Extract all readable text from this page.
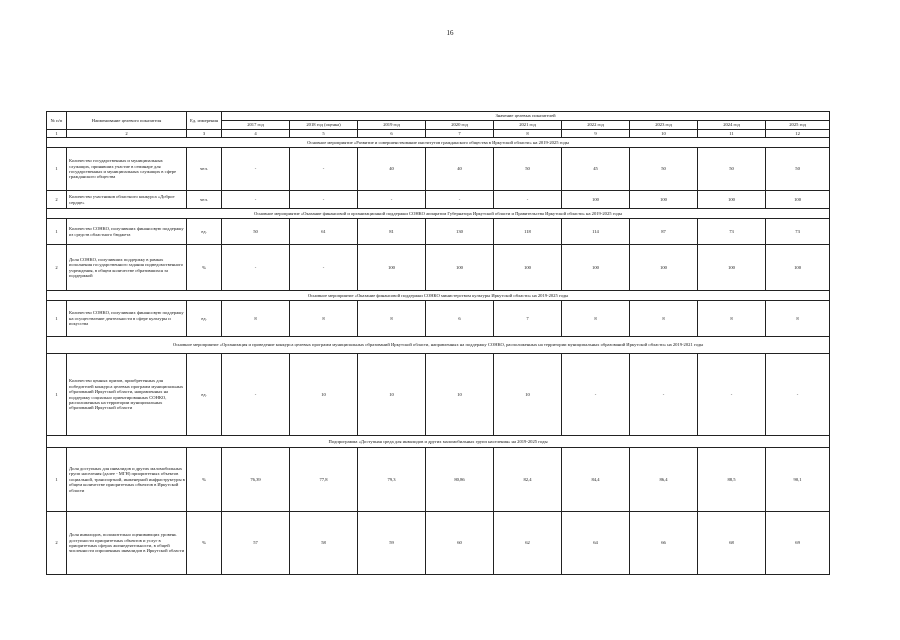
16
№ п/п	Наименование целевого показателя	Ед. измерения	Значение целевых показателей								
			2017 год	2018 год (оценка)	2019 год	2020 год	2021 год	2022 год	2023 год	2024 год	2025 год
1	2	3	4	5	6	7	8	9	10	11	12
Основное мероприятие «Развитие и совершенствование институтов гражданского общества в Иркутской области» на 2019-2025 годы											
1	Количество государственных и муниципальных служащих, принявших участие в семинаре для государственных и муниципальных служащих в сфере гражданского общества	чел.	-	-	40	40	50	45	50	50	50
2	Количество участников областного конкурса «Доброе сердце»	чел.	-	-	-	-	-	100	100	100	100
Основное мероприятие «Оказание финансовой и организационной поддержки СОНКО аппаратом Губернатора Иркутской области и Правительства Иркутской области» на 2019-2025 годы											
1	Количество СОНКО, получивших финансовую поддержку из средств областного бюджета	ед.	50	61	81	130	118	114	87	73	73
2	Доля СОНКО, получивших поддержку в рамках исполнения государственного задания подведомственного учреждения, в общем количестве обратившихся за поддержкой	%	-	-	100	100	100	100	100	100	100
Основное мероприятие «Оказание финансовой поддержки СОНКО министерством культуры Иркутской области» на 2019-2025 годы											
1	Количество СОНКО, получивших финансовую поддержку на осуществление деятельности в сфере культуры и искусства	ед.	8	8	8	6	7	8	8	8	8
Основное мероприятие «Организация и проведение конкурса целевых программ муниципальных образований Иркутской области, направленных на поддержку СОНКО, расположенных на территории муниципальных образований Иркутской области» на 2019-2021 годы											
1	Количество ценных призов, приобретенных для победителей конкурса целевых программ муниципальных образований Иркутской области, направленных на поддержку социально ориентированных СОНКО, расположенных на территории муниципальных образований Иркутской области	ед.	-	10	10	10	10	-	-	-	-
Подпрограмма «Доступная среда для инвалидов и других маломобильных групп населения» на 2019-2025 годы											
1	Доля доступных для инвалидов и других маломобильных групп населения (далее - МГН) приоритетных объектов социальной, транспортной, инженерной инфраструктуры в общем количестве приоритетных объектов в Иркутской области	%	76,39	77,8	79,3	80,86	82,4	84,4	86,4	88,5	90,1
2	Доля инвалидов, положительно оценивающих уровень доступности приоритетных объектов и услуг в приоритетных сферах жизнедеятельности, в общей численности опрошенных инвалидов в Иркутской области	%	57	58	59	60	62	64	66	68	69
